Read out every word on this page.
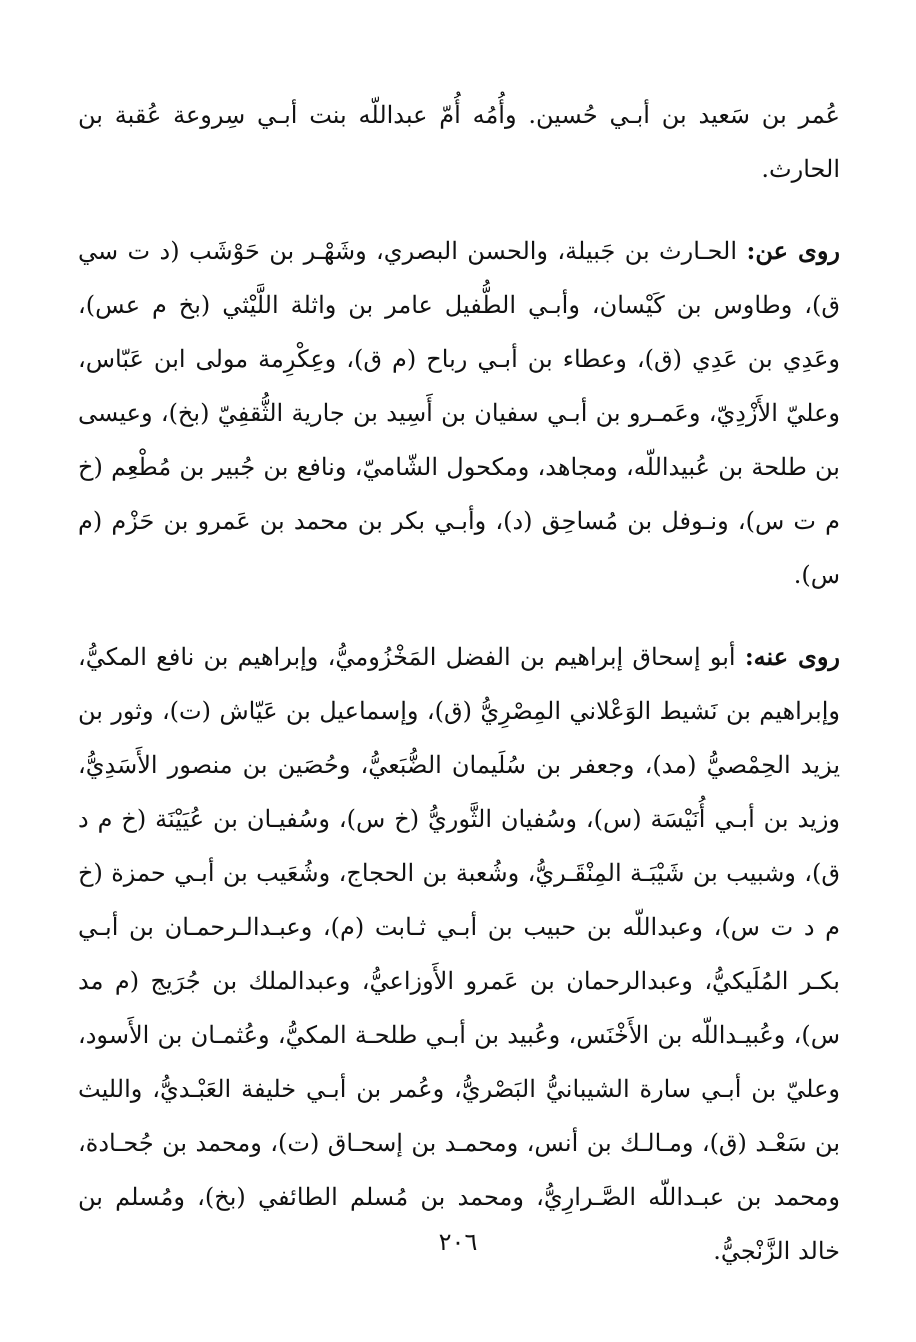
عُمر بن سَعيد بن أبـي حُسين. وأُمُه أُمّ عبداللّه بنت أبـي سِروعة عُقبة بن الحارث.

روى عن: الحـارث بن جَبيلة، والحسن البصري، وشَهْـر بن حَوْشَب (د ت سي ق)، وطاوس بن كَيْسان، وأبـي الطُّفيل عامر بن واثلة اللَّيْثي (بخ م عس)، وعَدِي بن عَدِي (ق)، وعطاء بن أبـي رباح (م ق)، وعِكْرِمة مولى ابن عَبّاس، وعليّ الأَزْدِيّ، وعَمـرو بن أبـي سفيان بن أَسِيد بن جارية الثُّقفِيّ (بخ)، وعيسى بن طلحة بن عُبيداللّه، ومجاهد، ومكحول الشّاميّ، ونافع بن جُبير بن مُطْعِم (خ م ت س)، ونـوفل بن مُساحِق (د)، وأبـي بكر بن محمد بن عَمرو بن حَزْم (م س).

روى عنه: أبو إسحاق إبراهيم بن الفضل المَخْزُوميُّ، وإبراهيم بن نافع المكيُّ، وإبراهيم بن نَشيط الوَعْلاني المِصْرِيُّ (ق)، وإسماعيل بن عَيّاش (ت)، وثور بن يزيد الحِمْصيُّ (مد)، وجعفر بن سُلَيمان الضُّبَعيُّ، وحُصَين بن منصور الأَسَدِيُّ، وزيد بن أبـي أُنَيْسَة (س)، وسُفيان الثَّوريُّ (خ س)، وسُفيـان بن عُيَيْنَة (خ م د ق)، وشبيب بن شَيْبَـة المِنْقَـريُّ، وشُعبة بن الحجاج، وشُعَيب بن أبـي حمزة (خ م د ت س)، وعبداللّه بن حبيب بن أبـي ثـابت (م)، وعبـدالـرحمـان بن أبـي بكـر المُلَيكيُّ، وعبدالرحمان بن عَمرو الأَوزاعيُّ، وعبدالملك بن جُرَيج (م مد س)، وعُبيـداللّه بن الأَخْنَس، وعُبيد بن أبـي طلحـة المكيُّ، وعُثمـان بن الأَسود، وعليّ بن أبـي سارة الشيبانيُّ البَصْريُّ، وعُمر بن أبـي خليفة العَبْـديُّ، والليث بن سَعْـد (ق)، ومـالـك بن أنس، ومحمـد بن إسحـاق (ت)، ومحمد بن جُحـادة، ومحمد بن عبـداللّه الصَّـرارِيُّ، ومحمد بن مُسلم الطائفي (بخ)، ومُسلم بن خالد الزَّنْجيُّ.

٢٠٦
